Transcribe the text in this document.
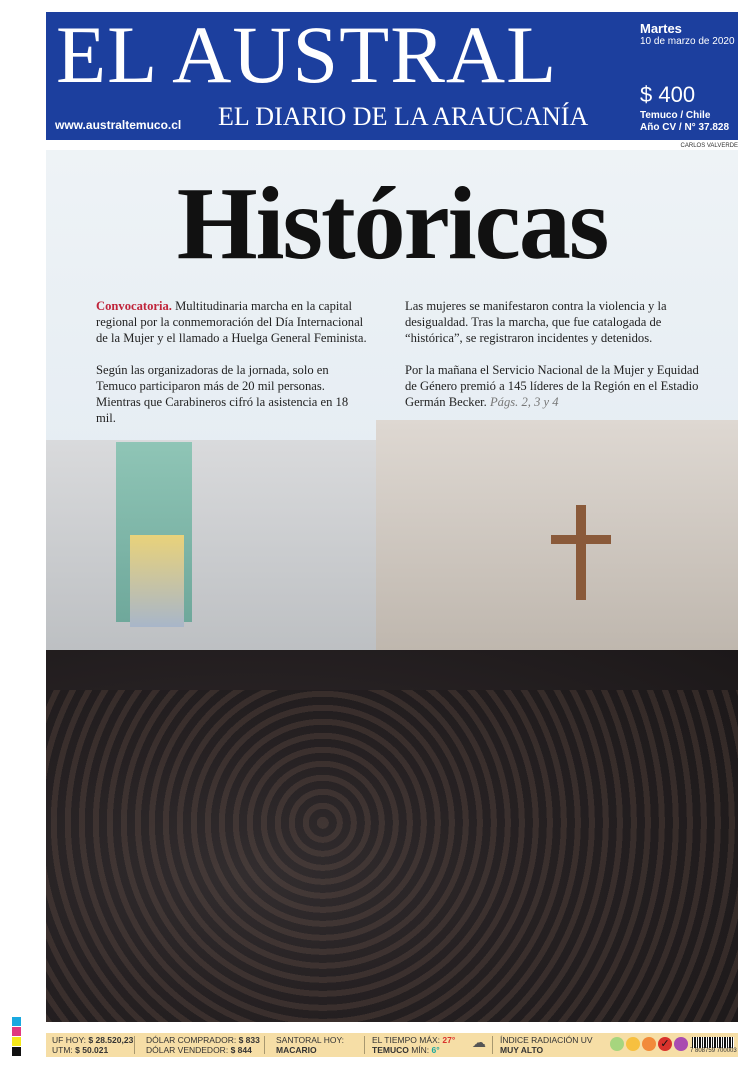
EL AUSTRAL
EL DIARIO DE LA ARAUCANÍA
www.australtemuco.cl
Martes
10 de marzo de 2020
$ 400
Temuco / Chile
Año CV / N° 37.828
CARLOS VALVERDE
Históricas

Convocatoria. Multitudinaria marcha en la capital regional por la conmemoración del Día Internacional de la Mujer y el llamado a Huelga General Feminista.

Según las organizadoras de la jornada, solo en Temuco participaron más de 20 mil personas. Mientras que Carabineros cifró la asistencia en 18 mil.

Las mujeres se manifestaron contra la violencia y la desigualdad. Tras la marcha, que fue catalogada de “histórica”, se registraron incidentes y detenidos.

Por la mañana el Servicio Nacional de la Mujer y Equidad de Género premió a 145 líderes de la Región en el Estadio Germán Becker. Págs. 2, 3 y 4

UF HOY: $ 28.520,23
UTM: $ 50.021
DÓLAR COMPRADOR: $ 833
DÓLAR VENDEDOR: $ 844
SANTORAL HOY:
MACARIO
EL TIEMPO MÁX: 27°
TEMUCO MÍN: 6°	☁ ÍNDICE RADIACIÓN UV
MUY ALTO	✓
7 808759 700003
